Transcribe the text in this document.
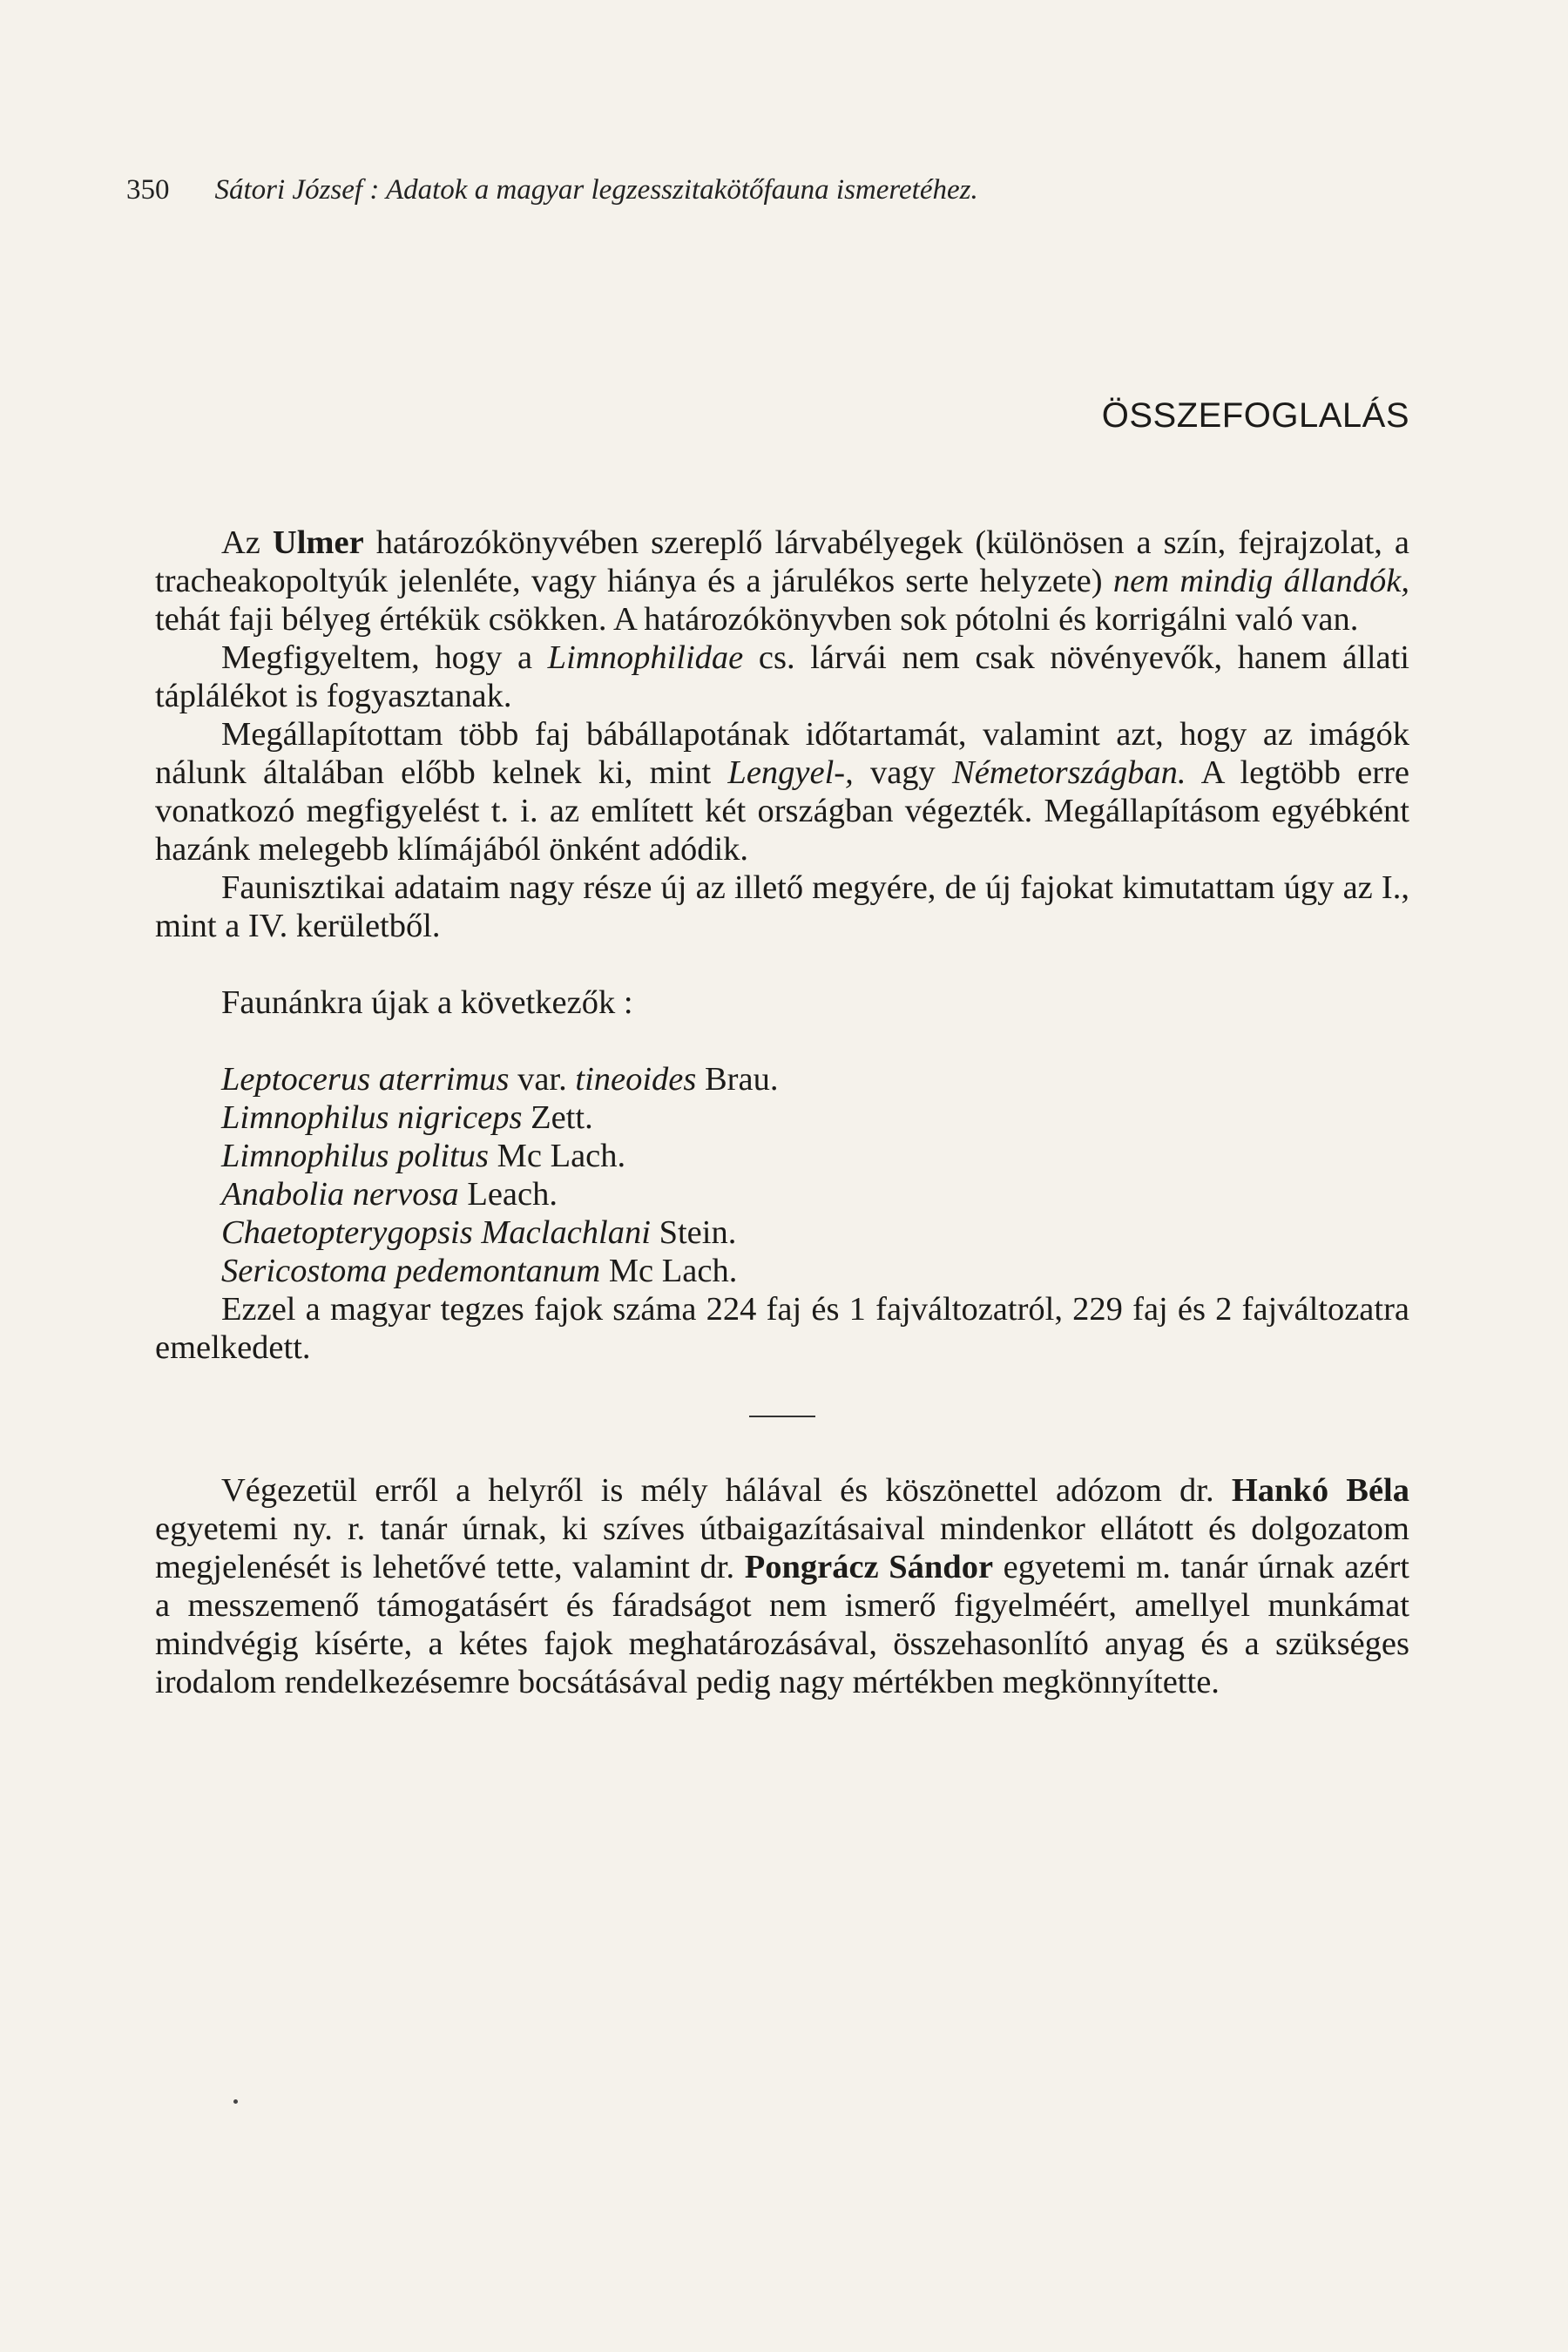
350 Sátori József : Adatok a magyar legzesszitakötőfauna ismeretéhez.
ÖSSZEFOGLALÁS

Az Ulmer határozókönyvében szereplő lárvabélyegek (különösen a szín, fejrajzolat, a tracheakopoltyúk jelenléte, vagy hiánya és a járulékos serte helyzete) nem mindig állandók, tehát faji bélyeg értékük csökken. A határozókönyvben sok pótolni és korrigálni való van.

Megfigyeltem, hogy a Limnophilidae cs. lárvái nem csak növényevők, hanem állati táplálékot is fogyasztanak.

Megállapítottam több faj bábállapotának időtartamát, valamint azt, hogy az imágók nálunk általában előbb kelnek ki, mint Lengyel-, vagy Németországban. A legtöbb erre vonatkozó megfigyelést t. i. az említett két országban végezték. Megállapításom egyébként hazánk melegebb klímájából önként adódik.

Faunisztikai adataim nagy része új az illető megyére, de új fajokat kimutattam úgy az I., mint a IV. kerületből.

Faunánkra újak a következők :

Leptocerus aterrimus var. tineoides Brau.
Limnophilus nigriceps Zett.
Limnophilus politus Mc Lach.
Anabolia nervosa Leach.
Chaetopterygopsis Maclachlani Stein.
Sericostoma pedemontanum Mc Lach.

Ezzel a magyar tegzes fajok száma 224 faj és 1 fajváltozatról, 229 faj és 2 fajváltozatra emelkedett.

Végezetül erről a helyről is mély hálával és köszönettel adózom dr. Hankó Béla egyetemi ny. r. tanár úrnak, ki szíves útbaigazításaival mindenkor ellátott és dolgozatom megjelenését is lehetővé tette, valamint dr. Pongrácz Sándor egyetemi m. tanár úrnak azért a messzemenő támogatásért és fáradságot nem ismerő figyelméért, amellyel munkámat mindvégig kísérte, a kétes fajok meghatározásával, összehasonlító anyag és a szükséges irodalom rendelkezésemre bocsátásával pedig nagy mértékben megkönnyítette.
